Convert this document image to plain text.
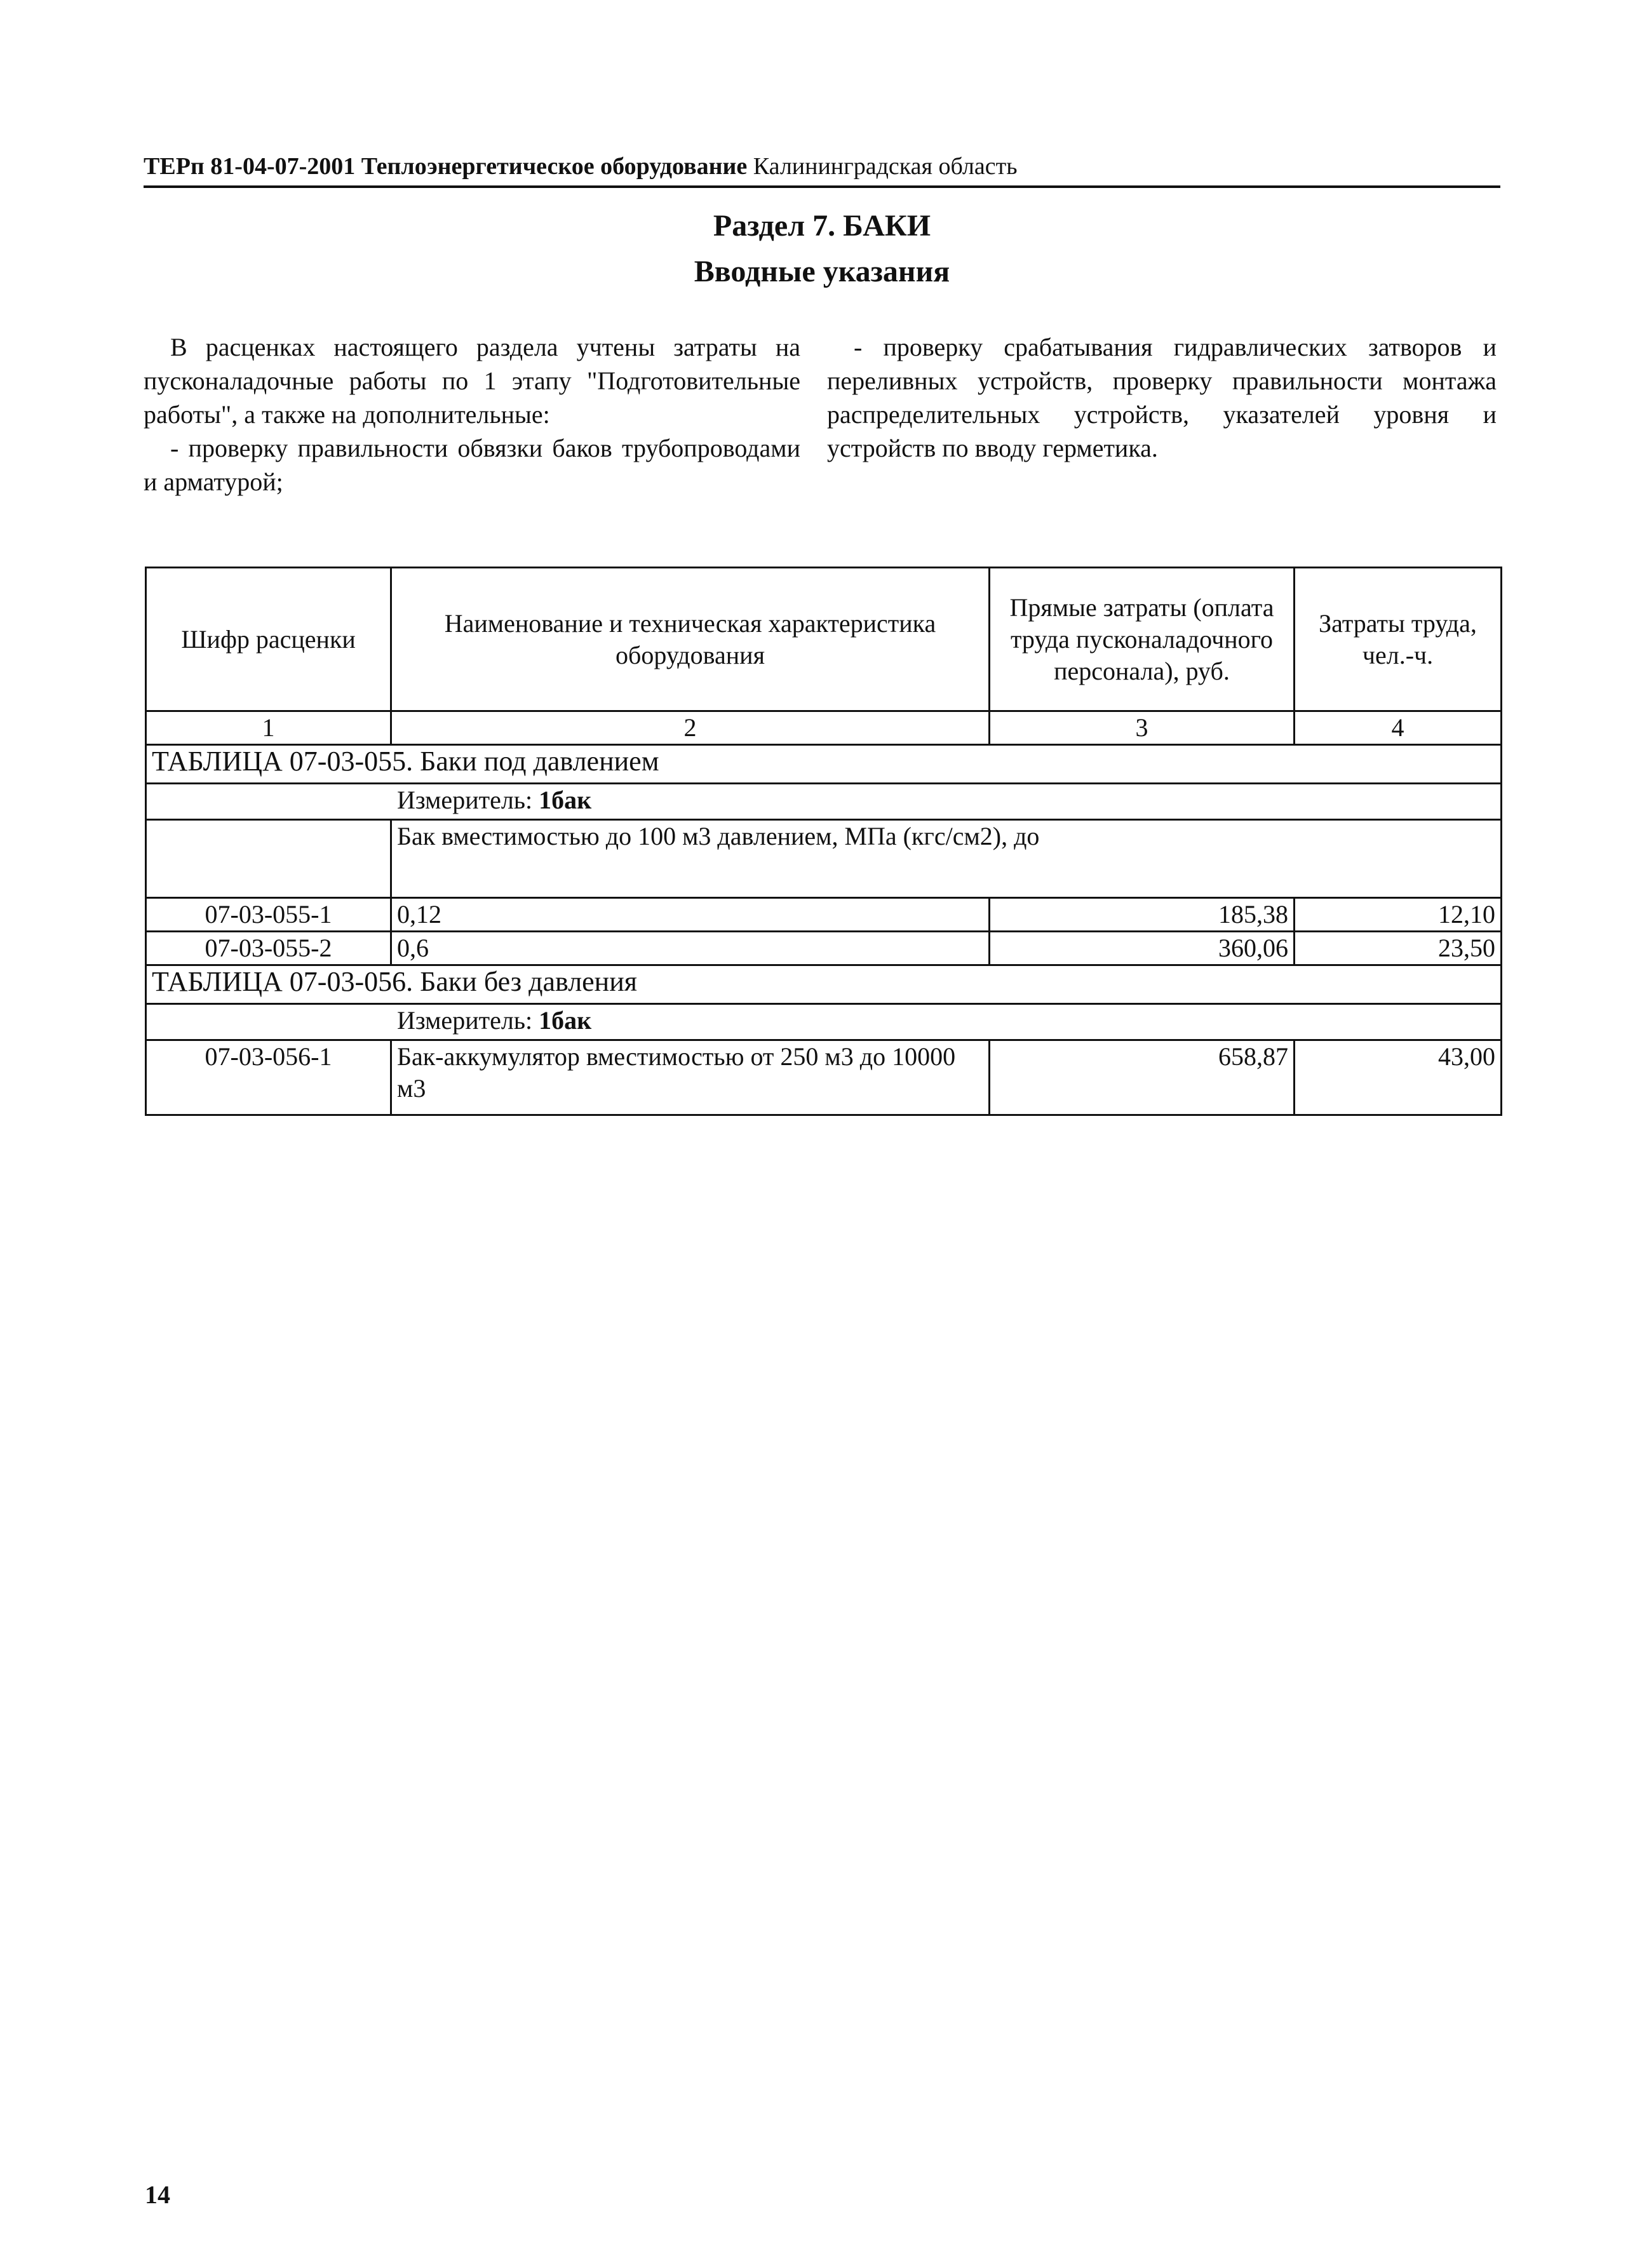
ТЕРп 81-04-07-2001 Теплоэнергетическое оборудование Калининградская область
Раздел 7. БАКИ
Вводные указания

В расценках настоящего раздела учтены затраты на пусконаладочные работы по 1 этапу "Подготовительные работы", а также на дополнительные:

- проверку правильности обвязки баков трубопроводами и арматурой;

- проверку срабатывания гидравлических затворов и переливных устройств, проверку правильности монтажа распределительных устройств, указателей уровня и устройств по вводу герметика.

Шифр расценки	Наименование и техническая характеристика оборудования	Прямые затраты (оплата труда пусконаладочного персонала), руб.	Затраты труда, чел.-ч.
1	2	3	4
ТАБЛИЦА 07-03-055. Баки под давлением			
Измеритель: 1бак			
	Бак вместимостью до 100 м3 давлением, МПа (кгс/см2), до		
07-03-055-1	0,12	185,38	12,10
07-03-055-2	0,6	360,06	23,50
ТАБЛИЦА 07-03-056. Баки без давления			
Измеритель: 1бак			
07-03-056-1	Бак-аккумулятор вместимостью от 250 м3 до 10000 м3	658,87	43,00
14
